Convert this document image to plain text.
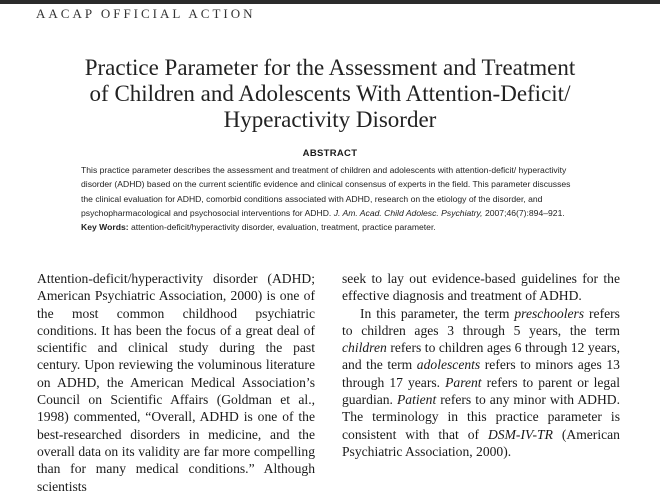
AACAP OFFICIAL ACTION
Practice Parameter for the Assessment and Treatment
of Children and Adolescents With Attention-Deficit/
Hyperactivity Disorder
ABSTRACT
This practice parameter describes the assessment and treatment of children and adolescents with attention-deficit/ hyperactivity disorder (ADHD) based on the current scientific evidence and clinical consensus of experts in the field. This parameter discusses the clinical evaluation for ADHD, comorbid conditions associated with ADHD, research on the etiology of the disorder, and psychopharmacological and psychosocial interventions for ADHD. J. Am. Acad. Child Adolesc. Psychiatry, 2007;46(7):894–921. Key Words: attention-deficit/hyperactivity disorder, evaluation, treatment, practice parameter.

Attention-deficit/hyperactivity disorder (ADHD; American Psychiatric Association, 2000) is one of the most common childhood psychiatric conditions. It has been the focus of a great deal of scientific and clinical study during the past century. Upon reviewing the voluminous literature on ADHD, the American Medical Association’s Council on Scientific Affairs (Goldman et al., 1998) commented, “Overall, ADHD is one of the best-researched disorders in medicine, and the overall data on its validity are far more compelling than for many medical conditions.” Although scientists

seek to lay out evidence-based guidelines for the effective diagnosis and treatment of ADHD.

In this parameter, the term preschoolers refers to children ages 3 through 5 years, the term children refers to children ages 6 through 12 years, and the term adolescents refers to minors ages 13 through 17 years. Parent refers to parent or legal guardian. Patient refers to any minor with ADHD. The terminology in this practice parameter is consistent with that of DSM-IV-TR (American Psychiatric Association, 2000).
